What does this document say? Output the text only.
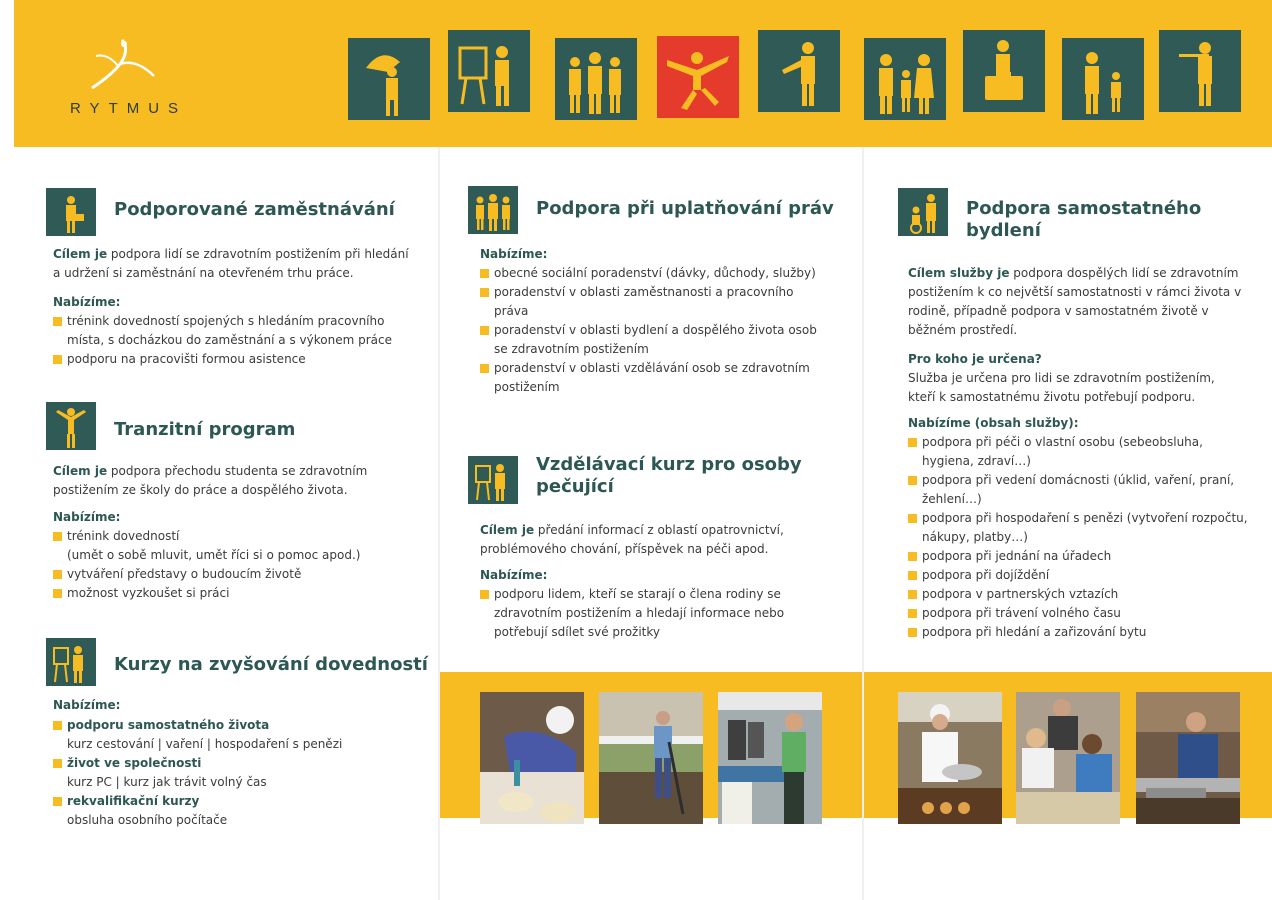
RYTMUS
Podporované zaměstnávání
Cílem je podpora lidí se zdravotním postižením při hledání a udržení si zaměstnání na otevřeném trhu práce.
Nabízíme:
trénink dovedností spojených s hledáním pracovního místa, s docházkou do zaměstnání a s výkonem práce
podporu na pracovišti formou asistence
Tranzitní program
Cílem je podpora přechodu studenta se zdravotním postižením ze školy do práce a dospělého života.
Nabízíme:
trénink dovedností
(umět o sobě mluvit, umět říci si o pomoc apod.)
vytváření představy o budoucím životě
možnost vyzkoušet si práci
Kurzy na zvyšování dovedností
Nabízíme:
podporu samostatného života
kurz cestování | vaření | hospodaření s penězi
život ve společnosti
kurz PC | kurz jak trávit volný čas
rekvalifikační kurzy
obsluha osobního počítače
Podpora při uplatňování práv
Nabízíme:
obecné sociální poradenství (dávky, důchody, služby)
poradenství v oblasti zaměstnanosti a pracovního práva
poradenství v oblasti bydlení a dospělého života osob se zdravotním postižením
poradenství v oblasti vzdělávání osob se zdravotním postižením
Vzdělávací kurz pro osoby pečující
Cílem je předání informací z oblastí opatrovnictví, problémového chování, příspěvek na péči apod.
Nabízíme:
podporu lidem, kteří se starají o člena rodiny se zdravotním postižením a hledají informace nebo potřebují sdílet své prožitky
Podpora samostatného bydlení
Cílem služby je podpora dospělých lidí se zdravotním postižením k co největší samostatnosti v rámci života v rodině, případně podpora v samostatném životě v běžném prostředí.
Pro koho je určena?
Služba je určena pro lidi se zdravotním postižením, kteří k samostatnému životu potřebují podporu.
Nabízíme (obsah služby):
podpora při péči o vlastní osobu (sebeobsluha, hygiena, zdraví…)
podpora při vedení domácnosti (úklid, vaření, praní, žehlení…)
podpora při hospodaření s penězi (vytvoření rozpočtu, nákupy, platby…)
podpora při jednání na úřadech
podpora při dojíždění
podpora v partnerských vztazích
podpora při trávení volného času
podpora při hledání a zařizování bytu
